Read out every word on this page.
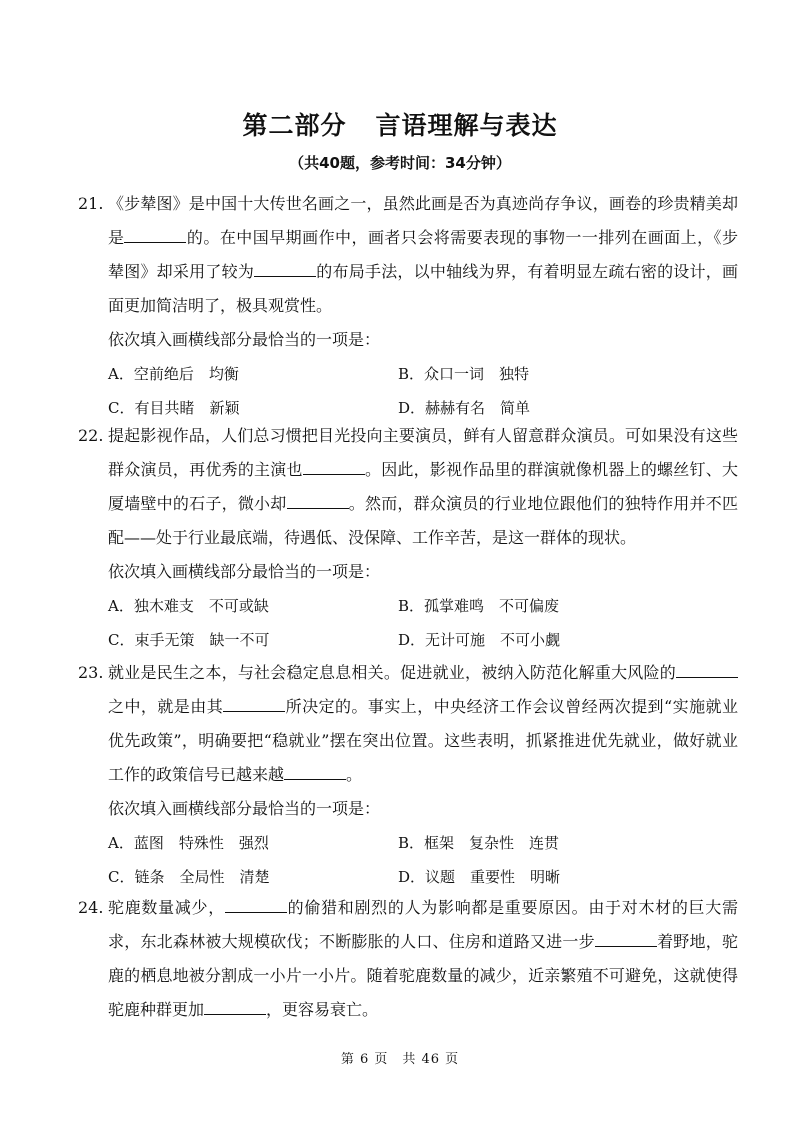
第二部分   言语理解与表达
（共40题，参考时间：34分钟）
21. 《步辇图》是中国十大传世名画之一，虽然此画是否为真迹尚存争议，画卷的珍贵精美却是	的。在中国早期画作中，画者只会将需要表现的事物一一排列在画面上，《步辇图》却采用了较为	的布局手法，以中轴线为界，有着明显左疏右密的设计，画面更加简洁明了，极具观赏性。
依次填入画横线部分最恰当的一项是：
A．空前绝后　均衡	B．众口一词　独特
C．有目共睹　新颖	D．赫赫有名　简单
22. 提起影视作品，人们总习惯把目光投向主要演员，鲜有人留意群众演员。可如果没有这些群众演员，再优秀的主演也	。因此，影视作品里的群演就像机器上的螺丝钉、大厦墙壁中的石子，微小却	。然而，群众演员的行业地位跟他们的独特作用并不匹配——处于行业最底端，待遇低、没保障、工作辛苦，是这一群体的现状。
依次填入画横线部分最恰当的一项是：
A．独木难支　不可或缺	B．孤掌难鸣　不可偏废
C．束手无策　缺一不可	D．无计可施　不可小觑
23. 就业是民生之本，与社会稳定息息相关。促进就业，被纳入防范化解重大风险的之中，就是由其	所决定的。事实上，中央经济工作会议曾经两次提到“实施就业优先政策”，明确要把“稳就业”摆在突出位置。这些表明，抓紧推进优先就业，做好就业工作的政策信号已越来越	。
依次填入画横线部分最恰当的一项是：
A．蓝图　特殊性　强烈	B．框架　复杂性　连贯
C．链条　全局性　清楚	D．议题　重要性　明晰
24. 驼鹿数量减少，	的偷猎和剧烈的人为影响都是重要原因。由于对木材的巨大需求，东北森林被大规模砍伐；不断膨胀的人口、住房和道路又进一步	着野地，驼鹿的栖息地被分割成一小片一小片。随着驼鹿数量的减少，近亲繁殖不可避免，这就使得驼鹿种群更加	，更容易衰亡。
第 6 页　共 46 页
